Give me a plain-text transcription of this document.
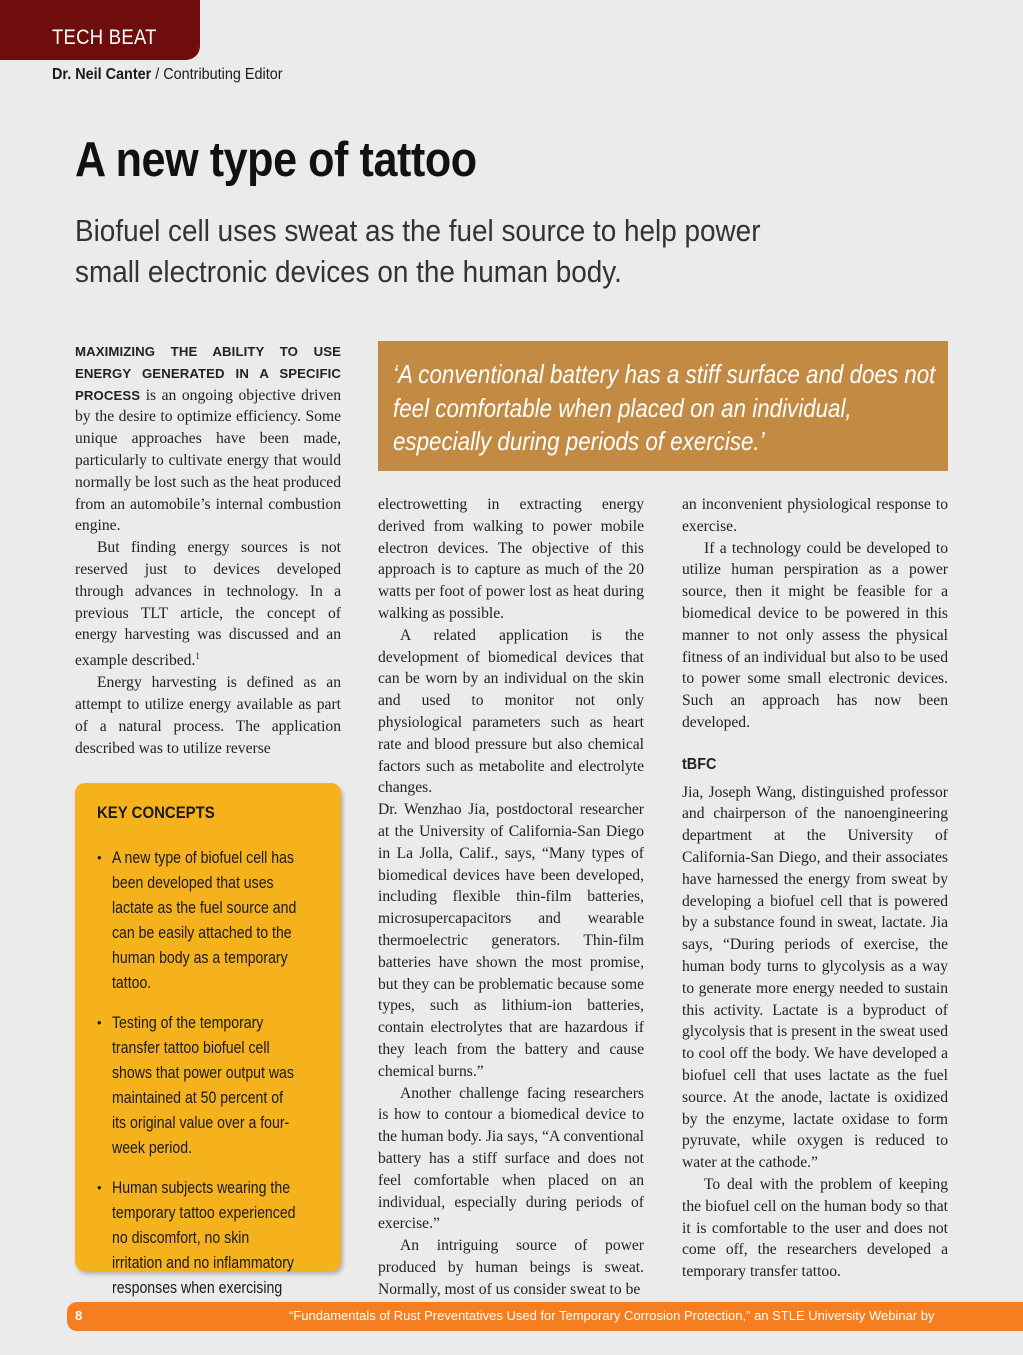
TECH BEAT
Dr. Neil Canter / Contributing Editor
A new type of tattoo
Biofuel cell uses sweat as the fuel source to help power small electronic devices on the human body.

MAXIMIZING THE ABILITY TO USE ENERGY GENERATED IN A SPECIFIC PROCESS is an ongoing objective driven by the desire to optimize efficiency. Some unique approaches have been made, particularly to cultivate energy that would normally be lost such as the heat produced from an automobile’s internal combustion engine.

But finding energy sources is not reserved just to devices developed through advances in technology. In a previous TLT article, the concept of energy harvesting was discussed and an example described.$^1$

Energy harvesting is defined as an attempt to utilize energy available as part of a natural process. The application described was to utilize reverse

KEY CONCEPTS
• A new type of biofuel cell has been developed that uses lactate as the fuel source and can be easily attached to the human body as a temporary tattoo.
• Testing of the temporary transfer tattoo biofuel cell shows that power output was maintained at 50 percent of its original value over a four-week period.
• Human subjects wearing the temporary tattoo experienced no discomfort, no skin irritation and no inflammatory responses when exercising

‘A conventional battery has a stiff surface and does not feel comfortable when placed on an individual, especially during periods of exercise.’

electrowetting in extracting energy derived from walking to power mobile electron devices. The objective of this approach is to capture as much of the 20 watts per foot of power lost as heat during walking as possible.

A related application is the development of biomedical devices that can be worn by an individual on the skin and used to monitor not only physiological parameters such as heart rate and blood pressure but also chemical factors such as metabolite and electrolyte changes.

Dr. Wenzhao Jia, postdoctoral researcher at the University of California-San Diego in La Jolla, Calif., says, “Many types of biomedical devices have been developed, including flexible thin-film batteries, microsupercapacitors and wearable thermoelectric generators. Thin-film batteries have shown the most promise, but they can be problematic because some types, such as lithium-ion batteries, contain electrolytes that are hazardous if they leach from the battery and cause chemical burns.”

Another challenge facing researchers is how to contour a biomedical device to the human body. Jia says, “A conventional battery has a stiff surface and does not feel comfortable when placed on an individual, especially during periods of exercise.”

An intriguing source of power produced by human beings is sweat. Normally, most of us consider sweat to be

an inconvenient physiological response to exercise.

If a technology could be developed to utilize human perspiration as a power source, then it might be feasible for a biomedical device to be powered in this manner to not only assess the physical fitness of an individual but also to be used to power some small electronic devices. Such an approach has now been developed.

tBFC

Jia, Joseph Wang, distinguished professor and chairperson of the nanoengineering department at the University of California-San Diego, and their associates have harnessed the energy from sweat by developing a biofuel cell that is powered by a substance found in sweat, lactate. Jia says, “During periods of exercise, the human body turns to glycolysis as a way to generate more energy needed to sustain this activity. Lactate is a byproduct of glycolysis that is present in the sweat used to cool off the body. We have developed a biofuel cell that uses lactate as the fuel source. At the anode, lactate is oxidized by the enzyme, lactate oxidase to form pyruvate, while oxygen is reduced to water at the cathode.”

To deal with the problem of keeping the biofuel cell on the human body so that it is comfortable to the user and does not come off, the researchers developed a temporary transfer tattoo.

8	“Fundamentals of Rust Preventatives Used for Temporary Corrosion Protection,” an STLE University Webinar by
